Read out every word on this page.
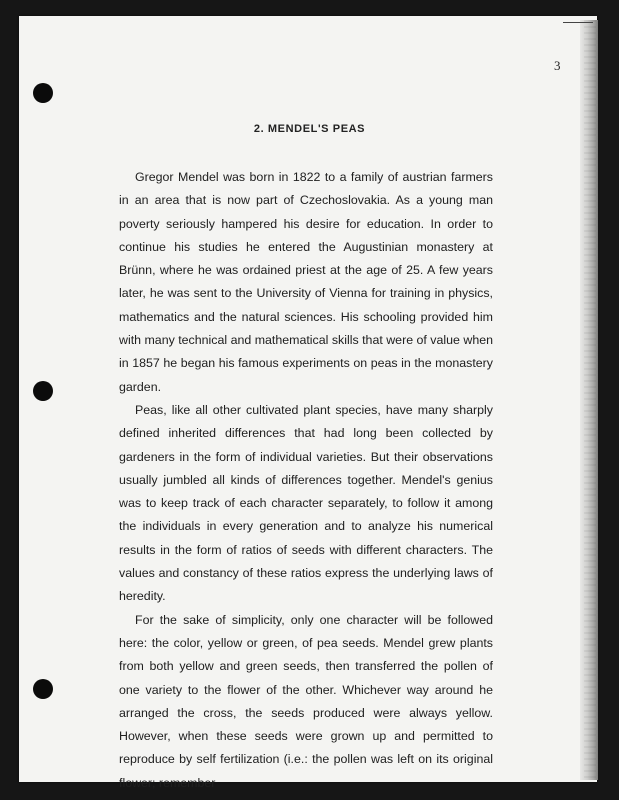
3
2. MENDEL'S PEAS

Gregor Mendel was born in 1822 to a family of austrian farmers in an area that is now part of Czechoslovakia. As a young man poverty seriously hampered his desire for education. In order to continue his studies he entered the Augustinian monastery at Brünn, where he was ordained priest at the age of 25. A few years later, he was sent to the University of Vienna for training in physics, mathematics and the natural sciences. His schooling provided him with many technical and mathematical skills that were of value when in 1857 he began his famous experiments on peas in the monastery garden.

Peas, like all other cultivated plant species, have many sharply defined inherited differences that had long been collected by gardeners in the form of individual varieties. But their observations usually jumbled all kinds of differences together. Mendel's genius was to keep track of each character separately, to follow it among the individuals in every generation and to analyze his numerical results in the form of ratios of seeds with different characters. The values and constancy of these ratios express the underlying laws of heredity.

For the sake of simplicity, only one character will be followed here: the color, yellow or green, of pea seeds. Mendel grew plants from both yellow and green seeds, then transferred the pollen of one variety to the flower of the other. Whichever way around he arranged the cross, the seeds produced were always yellow. However, when these seeds were grown up and permitted to reproduce by self fertilization (i.e.: the pollen was left on its original flower; remember
